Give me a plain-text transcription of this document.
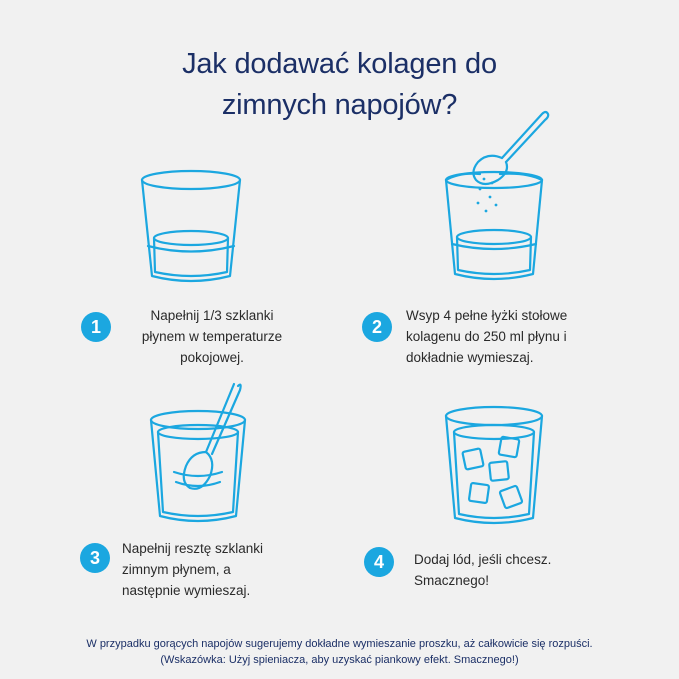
Jak dodawać kolagen do
zimnych napojów?
1
Napełnij 1/3 szklanki
płynem w temperaturze
pokojowej.
2
Wsyp 4 pełne łyżki stołowe
kolagenu do 250 ml płynu i
dokładnie wymieszaj.
3	Napełnij resztę szklanki
zimnym płynem, a
następnie wymieszaj.
4	Dodaj lód, jeśli chcesz.
Smacznego!
W przypadku gorących napojów sugerujemy dokładne wymieszanie proszku, aż całkowicie się rozpuści.
(Wskazówka: Użyj spieniacza, aby uzyskać piankowy efekt. Smacznego!)
